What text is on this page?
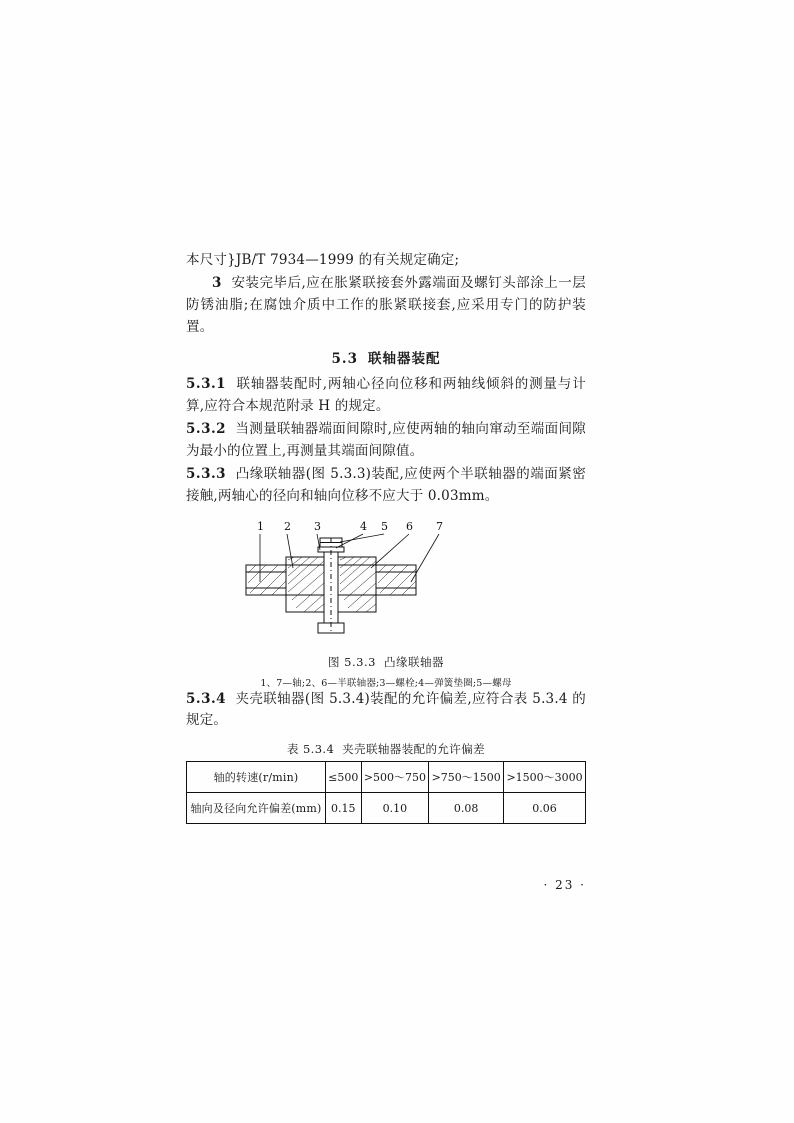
本尺寸}JB/T 7934—1999 的有关规定确定;

3 安装完毕后,应在胀紧联接套外露端面及螺钉头部涂上一层防锈油脂;在腐蚀介质中工作的胀紧联接套,应采用专门的防护装置。

5.3 联轴器装配

5.3.1 联轴器装配时,两轴心径向位移和两轴线倾斜的测量与计算,应符合本规范附录 H 的规定。

5.3.2 当测量联轴器端面间隙时,应使两轴的轴向窜动至端面间隙为最小的位置上,再测量其端面间隙值。

5.3.3 凸缘联轴器(图 5.3.3)装配,应使两个半联轴器的端面紧密接触,两轴心的径向和轴向位移不应大于 0.03mm。

1 2 3	4 5 6 7
图 5.3.3 凸缘联轴器
1、7—轴;2、6—半联轴器;3—螺栓;4—弹簧垫圈;5—螺母

5.3.4 夹壳联轴器(图 5.3.4)装配的允许偏差,应符合表 5.3.4 的规定。

表 5.3.4 夹壳联轴器装配的允许偏差
轴的转速(r/min)	≤500	>500～750	>750～1500	>1500～3000
轴向及径向允许偏差(mm)	0.15	0.10	0.08	0.06
· 23 ·
